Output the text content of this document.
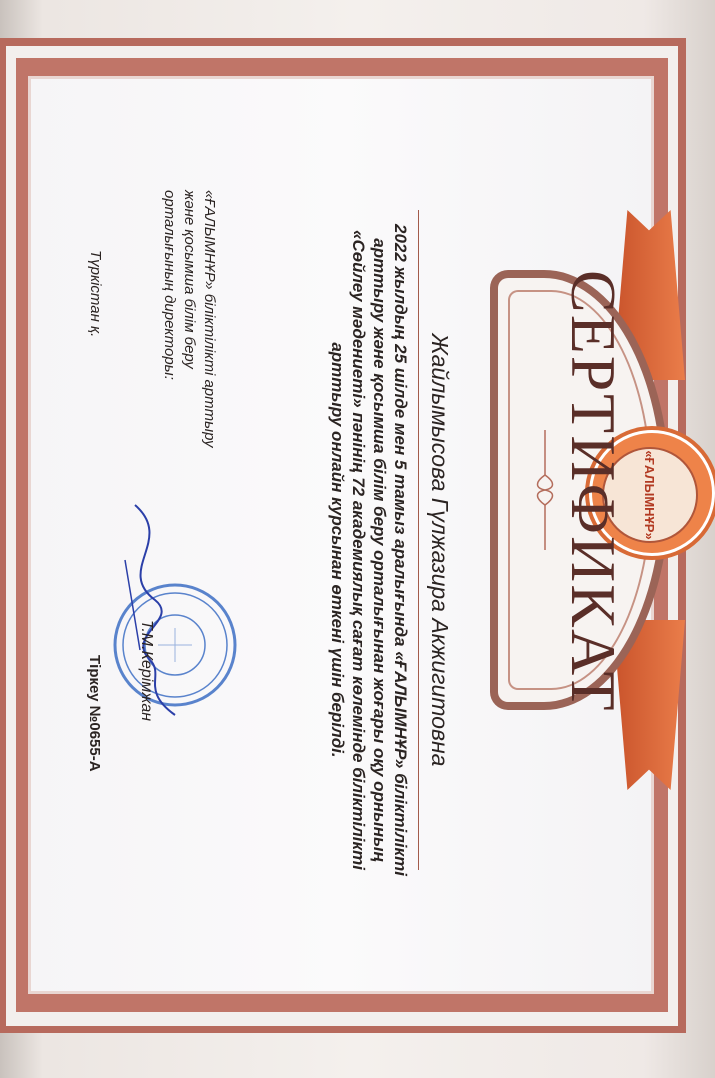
«ҒАЛЫМНҰР»
СЕРТИФИКАТ
Жайлымысова Гүлжазира Акжигитовна
2022 жылдың 25 шілде мен 5 тамыз аралығында «ҒАЛЫМНҰР» біліктілікті
арттыру және қосымша білім беру орталығынан жоғары оқу орнының
«Сөйлеу мәдениеті» пәнінің 72 академиялық сағат көлемінде біліктілікті
арттыру онлайн курсынан өткені үшін берілді.
«ҒАЛЫМНҰР» біліктілікті арттыру
және қосымша білім беру
орталығының директоры:
Түркістан қ.
Т.М.Керімжан
Тіркеу №0655-А
